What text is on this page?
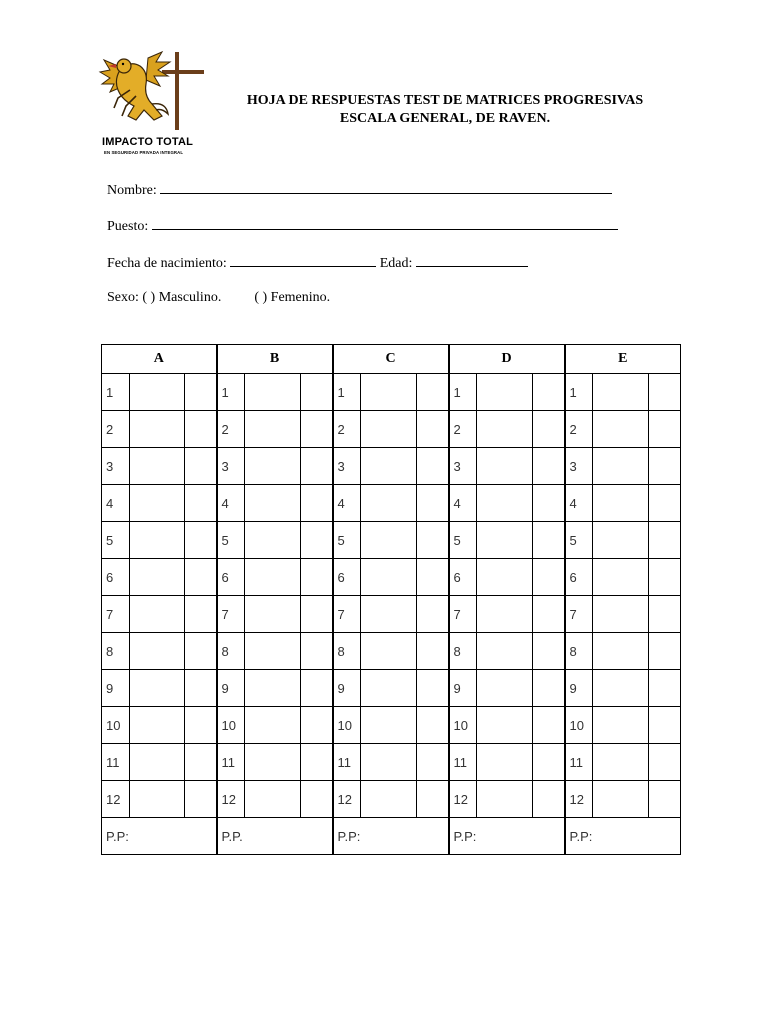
IMPACTO TOTAL
EN SEGURIDAD PRIVADA INTEGRAL
HOJA DE RESPUESTAS TEST DE MATRICES PROGRESIVAS
ESCALA GENERAL, DE RAVEN.
Nombre:
Puesto:
Fecha de nacimiento:	Edad:
Sexo: ( ) Masculino. ( ) Femenino.
A			B			C			D			E		
1			1			1			1			1		
2			2			2			2			2		
3			3			3			3			3		
4			4			4			4			4		
5			5			5			5			5		
6			6			6			6			6		
7			7			7			7			7		
8			8			8			8			8		
9			9			9			9			9		
10			10			10			10			10		
11			11			11			11			11		
12			12			12			12			12		
P.P:			P.P.			P.P:			P.P:			P.P:		
